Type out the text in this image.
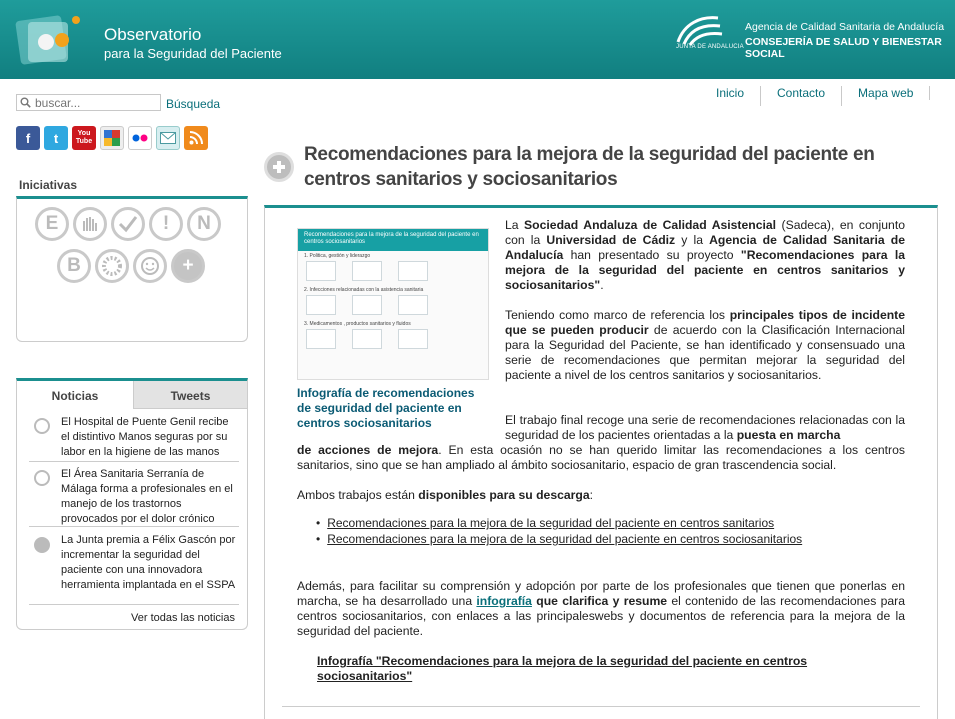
Observatorio
para la Seguridad del Paciente	JUNTA DE ANDALUCIA
Agencia de Calidad Sanitaria de Andalucía
CONSEJERÍA DE SALUD Y BIENESTAR SOCIAL
buscar...
Búsqueda
Inicio	Contacto	Mapa web
f	t	You
Tube
Iniciativas
E	!	N
B	+
Noticias	Tweets
El Hospital de Puente Genil recibe el distintivo Manos seguras por su labor en la higiene de las manos
El Área Sanitaria Serranía de Málaga forma a profesionales en el manejo de los trastornos provocados por el dolor crónico
La Junta premia a Félix Gascón por incrementar la seguridad del paciente con una innovadora herramienta implantada en el SSPA
Ver todas las noticias
Recomendaciones para la mejora de la seguridad del paciente en centros sanitarios y sociosanitarios
Recomendaciones para la mejora de la seguridad del paciente en centros sociosanitarios
1. Politica, gestión y liderazgo
2. Infecciones relacionadas con la asistencia sanitaria
3. Medicamentos , productos sanitarios y fluidos
Infografía de recomendaciones de seguridad del paciente en centros sociosanitarios
La Sociedad Andaluza de Calidad Asistencial (Sadeca), en conjunto con la Universidad de Cádiz y la Agencia de Calidad Sanitaria de Andalucía han presentado su proyecto "Recomendaciones para la mejora de la seguridad del paciente en centros sanitarios y sociosanitarios".
Teniendo como marco de referencia los principales tipos de incidente que se pueden producir de acuerdo con la Clasificación Internacional para la Seguridad del Paciente, se han identificado y consensuado una serie de recomendaciones que permitan mejorar la seguridad del paciente a nivel de los centros sanitarios y sociosanitarios.
El trabajo final recoge una serie de recomendaciones relacionadas con la seguridad de los pacientes orientadas a la puesta en marcha
de acciones de mejora. En esta ocasión no se han querido limitar las recomendaciones a los centros sanitarios, sino que se han ampliado al ámbito sociosanitario, espacio de gran trascendencia social.
Ambos trabajos están disponibles para su descarga:
• Recomendaciones para la mejora de la seguridad del paciente en centros sanitarios
• Recomendaciones para la mejora de la seguridad del paciente en centros sociosanitarios
Además, para facilitar su comprensión y adopción por parte de los profesionales que tienen que ponerlas en marcha, se ha desarrollado una infografía que clarifica y resume el contenido de las recomendaciones para centros sociosanitarios, con enlaces a las principaleswebs y documentos de referencia para la mejora de la seguridad del paciente.
Infografía "Recomendaciones para la mejora de la seguridad del paciente en centros sociosanitarios"
